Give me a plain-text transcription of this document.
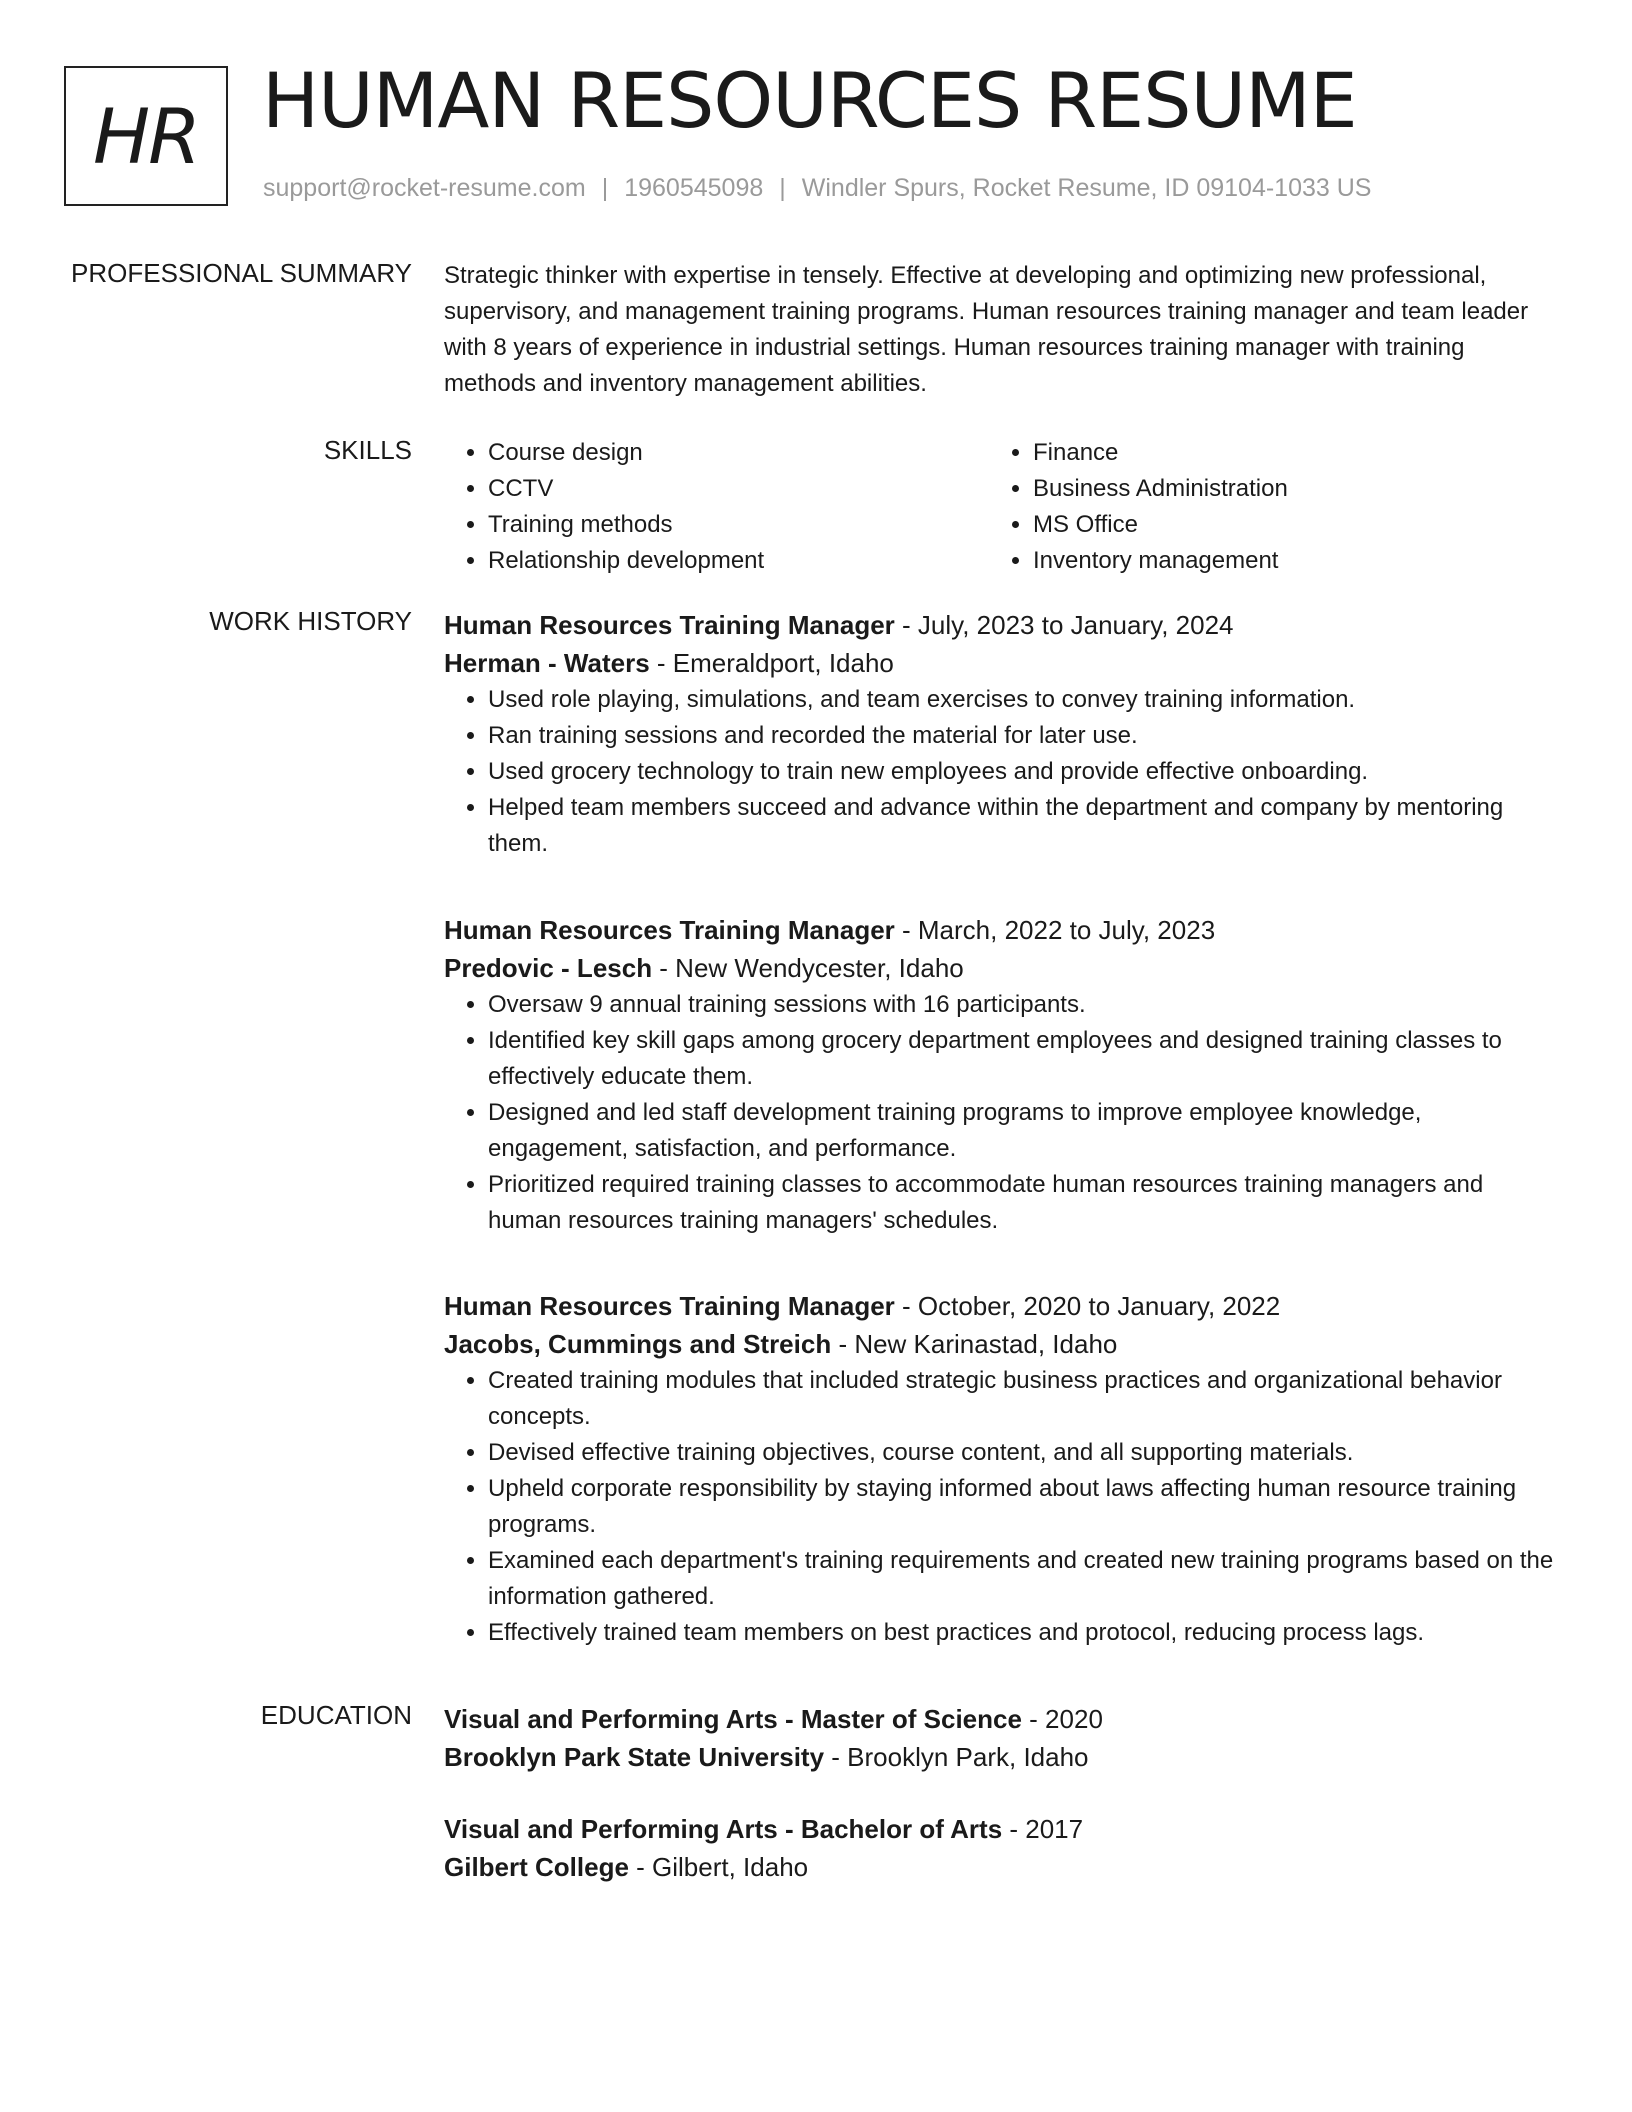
HR HUMAN RESOURCES RESUME
support@rocket-resume.com | 1960545098 | Windler Spurs, Rocket Resume, ID 09104-1033 US
PROFESSIONAL SUMMARY Strategic thinker with expertise in tensely. Effective at developing and optimizing new professional,
supervisory, and management training programs. Human resources training manager and team leader
with 8 years of experience in industrial settings. Human resources training manager with training
methods and inventory management abilities.
SKILLS
•	Course design
• CCTV
• Training methods
• Relationship development
• Finance
• Business Administration
• MS Office
• Inventory management
WORK HISTORY Human Resources Training Manager - July, 2023 to January, 2024
Herman - Waters - Emeraldport, Idaho
• Used role playing, simulations, and team exercises to convey training information.
• Ran training sessions and recorded the material for later use.
• Used grocery technology to train new employees and provide effective onboarding.
• Helped team members succeed and advance within the department and company by mentoring them.
Human Resources Training Manager - March, 2022 to July, 2023
Predovic - Lesch - New Wendycester, Idaho
• Oversaw 9 annual training sessions with 16 participants.
• Identified key skill gaps among grocery department employees and designed training classes to effectively educate them.
• Designed and led staff development training programs to improve employee knowledge, engagement, satisfaction, and performance.
• Prioritized required training classes to accommodate human resources training managers and human resources training managers' schedules.
Human Resources Training Manager - October, 2020 to January, 2022
Jacobs, Cummings and Streich - New Karinastad, Idaho
• Created training modules that included strategic business practices and organizational behavior concepts.
• Devised effective training objectives, course content, and all supporting materials.
• Upheld corporate responsibility by staying informed about laws affecting human resource training programs.
• Examined each department's training requirements and created new training programs based on the information gathered.
• Effectively trained team members on best practices and protocol, reducing process lags.
EDUCATION Visual and Performing Arts - Master of Science - 2020
Brooklyn Park State University - Brooklyn Park, Idaho
Visual and Performing Arts - Bachelor of Arts - 2017
Gilbert College - Gilbert, Idaho
